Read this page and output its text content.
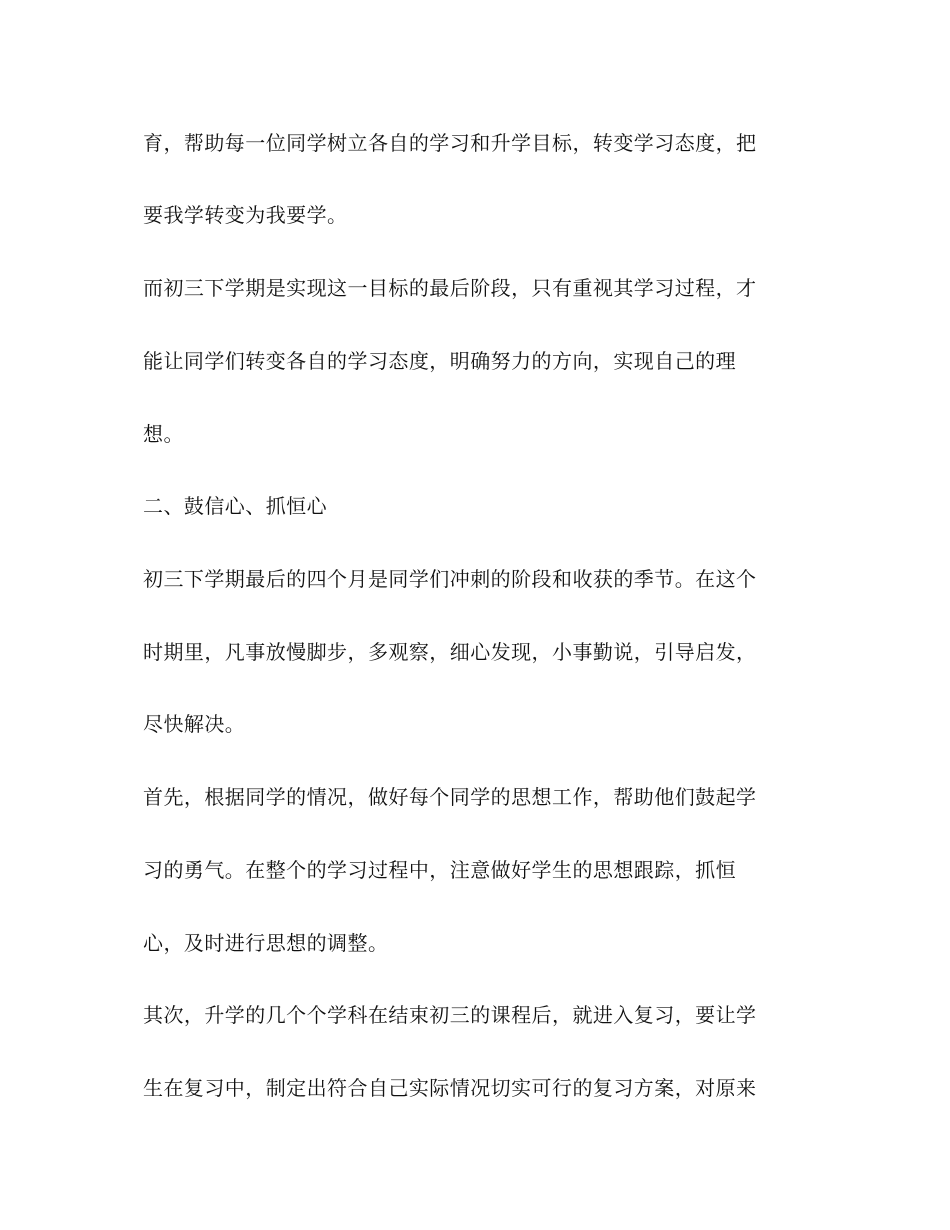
育，帮助每一位同学树立各自的学习和升学目标，转变学习态度，把
要我学转变为我要学。
而初三下学期是实现这一目标的最后阶段，只有重视其学习过程，才
能让同学们转变各自的学习态度，明确努力的方向，实现自己的理
想。
二、鼓信心、抓恒心
初三下学期最后的四个月是同学们冲刺的阶段和收获的季节。在这个
时期里，凡事放慢脚步，多观察，细心发现，小事勤说，引导启发，
尽快解决。
首先，根据同学的情况，做好每个同学的思想工作，帮助他们鼓起学
习的勇气。在整个的学习过程中，注意做好学生的思想跟踪，抓恒
心，及时进行思想的调整。
其次，升学的几个个学科在结束初三的课程后，就进入复习，要让学
生在复习中，制定出符合自己实际情况切实可行的复习方案，对原来
